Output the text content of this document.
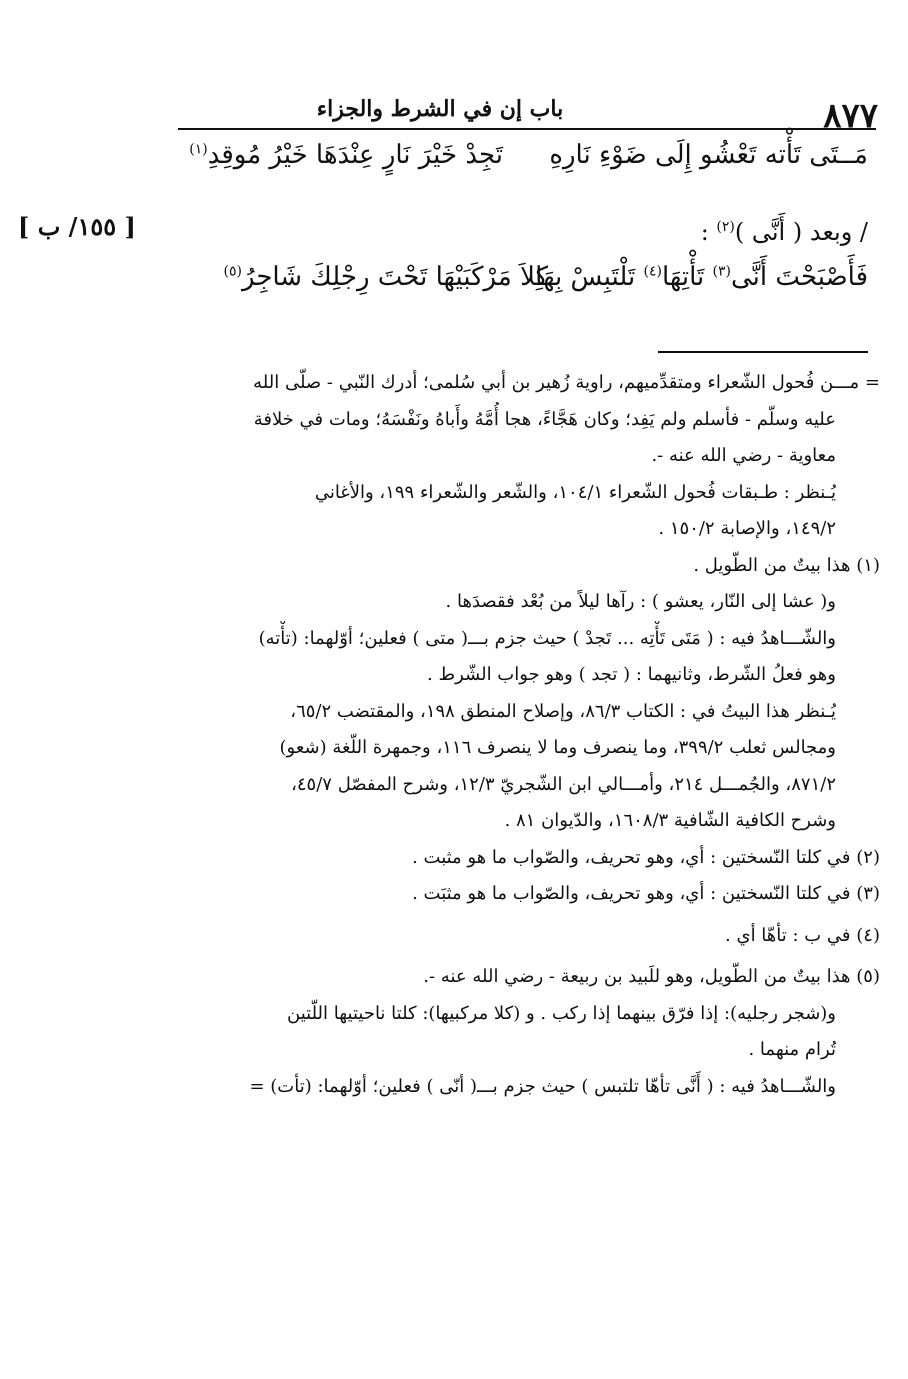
٨٧٧
باب إن في الشرط والجزاء
مَــتَى تَأْته تَعْشُو إِلَى ضَوْءِ نَارِهِ
تَجِدْ خَيْرَ نَارٍ عِنْدَهَا خَيْرُ مُوقِدِ$^{(١)}$
/ وبعد ( أَنَّى )$^{(٢)}$ :
[ ١٥٥/ ب ]
فَأَصْبَحْتَ أَنَّى$^{(٣)}$ تَأْتِهَا$^{(٤)}$ تَلْتَبِسْ بِهَا
كِلاَ مَرْكَبَيْهَا تَحْتَ رِجْلِكَ شَاجِرُ$^{(٥)}$
= مـــن فُحول الشّعراء ومتقدِّميهم، راوية زُهير بن أبي سُلمى؛ أدرك النّبي - صلّى الله
عليه وسلّم - فأسلم ولم يَفِد؛ وكان هَجَّاءً، هجا أُمَّهُ وأَباهُ ونَفْسَهُ؛ ومات في خلافة
معاوية - رضي الله عنه -.
يُـنظر : طـبقات فُحول الشّعراء ١٠٤/١، والشّعر والشّعراء ١٩٩، والأغاني
١٤٩/٢، والإصابة ١٥٠/٢ .
(١) هذا بيتٌ من الطّويل .
و( عشا إلى النّار، يعشو ) : رآها ليلاً من بُعْد فقصدَها .
والشّـــاهدُ فيه : ( مَتَى تَأْتِه ... تَجدْ ) حيث جزم بـــ( متى ) فعلين؛ أوّلهما: (تأْته)
وهو فعلُ الشّرط، وثانيهما : ( تجد ) وهو جواب الشّرط .
يُـنظر هذا البيتُ في : الكتاب ٨٦/٣، وإصلاح المنطق ١٩٨، والمقتضب ٦٥/٢،
ومجالس ثعلب ٣٩٩/٢، وما ينصرف وما لا ينصرف ١١٦، وجمهرة اللّغة (شعو)
٨٧١/٢، والجُمـــل ٢١٤، وأمـــالي ابن الشّجريّ ١٢/٣، وشرح المفصّل ٤٥/٧،
وشرح الكافية الشّافية ١٦٠٨/٣، والدّيوان ٨١ .
(٢) في كلتا النّسختين : أي، وهو تحريف، والصّواب ما هو مثبت .
(٣) في كلتا النّسختين : أي، وهو تحريف، والصّواب ما هو مثبَت .
(٤) في ب : تأهّا أي .
(٥) هذا بيتٌ من الطّويل، وهو للَبيد بن ربيعة - رضي الله عنه -.
و(شجر رجليه): إذا فرّق بينهما إذا ركب . و (كلا مركبيها): كلتا ناحيتيها اللّتين
تُرام منهما .
والشّـــاهدُ فيه : ( أَنَّى تأهّا تلتبس ) حيث جزم بـــ( أنّى ) فعلين؛ أوّلهما: (تأت) =
